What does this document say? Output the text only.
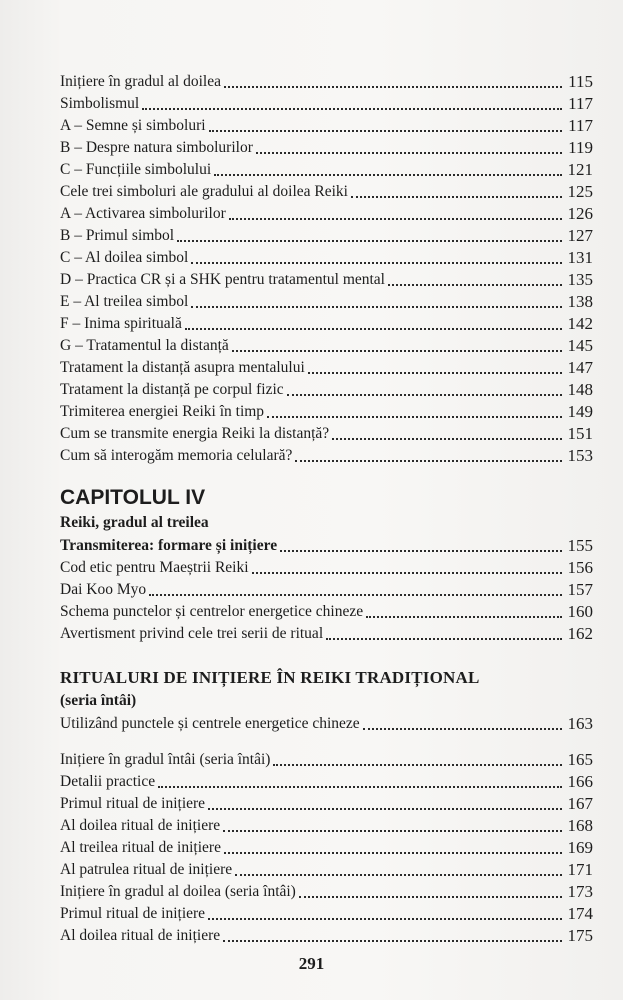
Inițiere în gradul al doilea	115
Simbolismul	117
A – Semne și simboluri	117
B – Despre natura simbolurilor	119
C – Funcțiile simbolului	121
Cele trei simboluri ale gradului al doilea Reiki	125
A – Activarea simbolurilor	126
B – Primul simbol	127
C – Al doilea simbol	131
D – Practica CR și a SHK pentru tratamentul mental	135
E – Al treilea simbol	138
F – Inima spirituală	142
G – Tratamentul la distanță	145
Tratament la distanță asupra mentalului	147
Tratament la distanță pe corpul fizic	148
Trimiterea energiei Reiki în timp	149
Cum se transmite energia Reiki la distanță?	151
Cum să interogăm memoria celulară?	153
CAPITOLUL IV
Reiki, gradul al treilea
Transmiterea: formare și inițiere	155
Cod etic pentru Maeștrii Reiki	156
Dai Koo Myo	157
Schema punctelor și centrelor energetice chineze	160
Avertisment privind cele trei serii de ritual	162
RITUALURI DE INIȚIERE ÎN REIKI TRADIȚIONAL
(seria întâi)
Utilizând punctele și centrele energetice chineze	163
Inițiere în gradul întâi (seria întâi)	165
Detalii practice	166
Primul ritual de inițiere	167
Al doilea ritual de inițiere	168
Al treilea ritual de inițiere	169
Al patrulea ritual de inițiere	171
Inițiere în gradul al doilea (seria întâi)	173
Primul ritual de inițiere	174
Al doilea ritual de inițiere	175
291
